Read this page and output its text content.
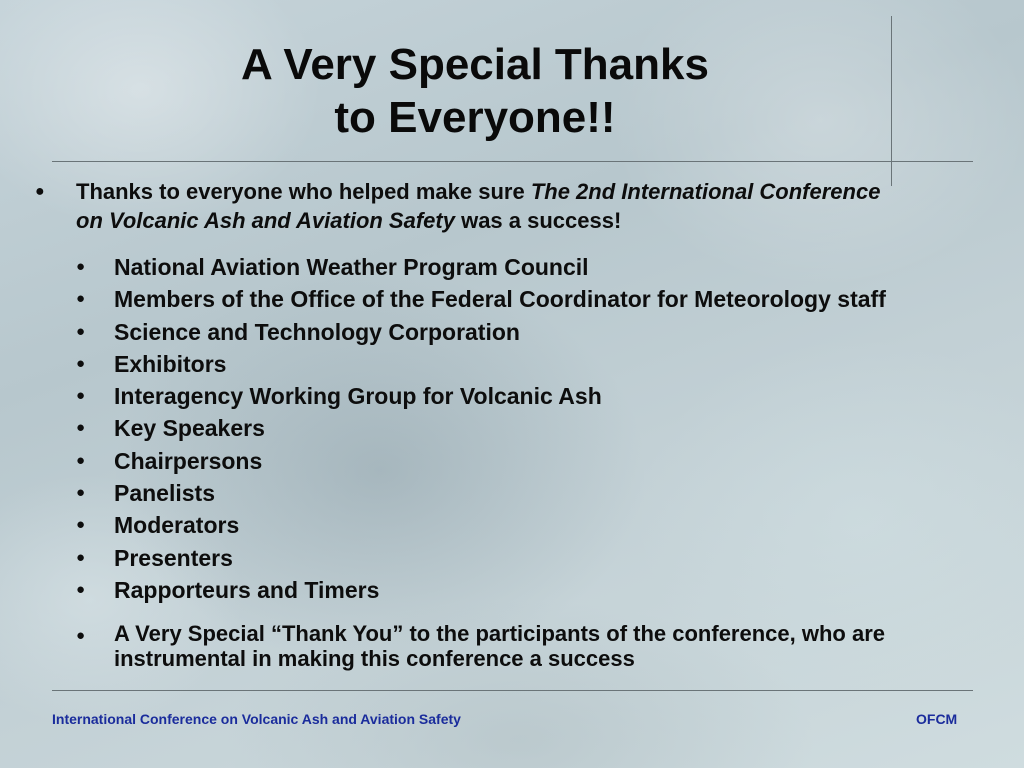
A Very Special Thanks
to Everyone!!
● Thanks to everyone who helped make sure The 2nd International Conference on Volcanic Ash and Aviation Safety was a success!
● National Aviation Weather Program Council
● Members of the Office of the Federal Coordinator for Meteorology staff
● Science and Technology Corporation
● Exhibitors
● Interagency Working Group for Volcanic Ash
● Key Speakers
● Chairpersons
● Panelists
● Moderators
● Presenters
● Rapporteurs and Timers
● A Very Special “Thank You” to the participants of the conference, who are instrumental in making this conference a success
International Conference on Volcanic Ash and Aviation Safety	OFCM
